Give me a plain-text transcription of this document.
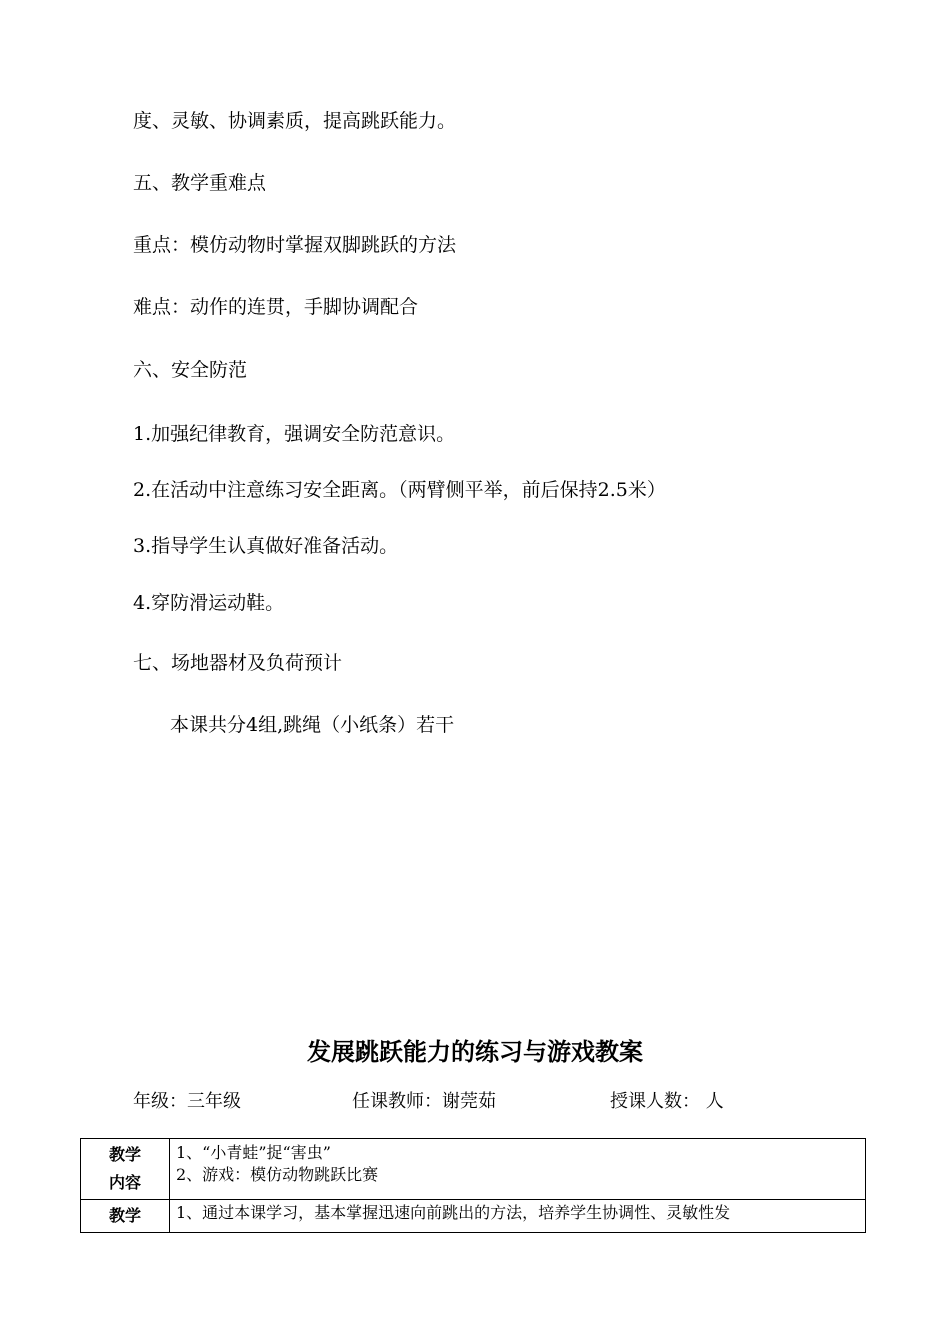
度、灵敏、协调素质，提高跳跃能力。
五、教学重难点
重点：模仿动物时掌握双脚跳跃的方法
难点：动作的连贯，手脚协调配合
六、安全防范
1.加强纪律教育，强调安全防范意识。
2.在活动中注意练习安全距离。（两臂侧平举，前后保持2.5米）
3.指导学生认真做好准备活动。
4.穿防滑运动鞋。
七、场地器材及负荷预计
本课共分4组,跳绳（小纸条）若干
发展跳跃能力的练习与游戏教案
年级：三年级	任课教师：谢莞茹	授课人数： 人
教学
内容	1、“小青蛙”捉“害虫”
2、游戏：模仿动物跳跃比赛

教学	1、通过本课学习，基本掌握迅速向前跳出的方法，培养学生协调性、灵敏性发
